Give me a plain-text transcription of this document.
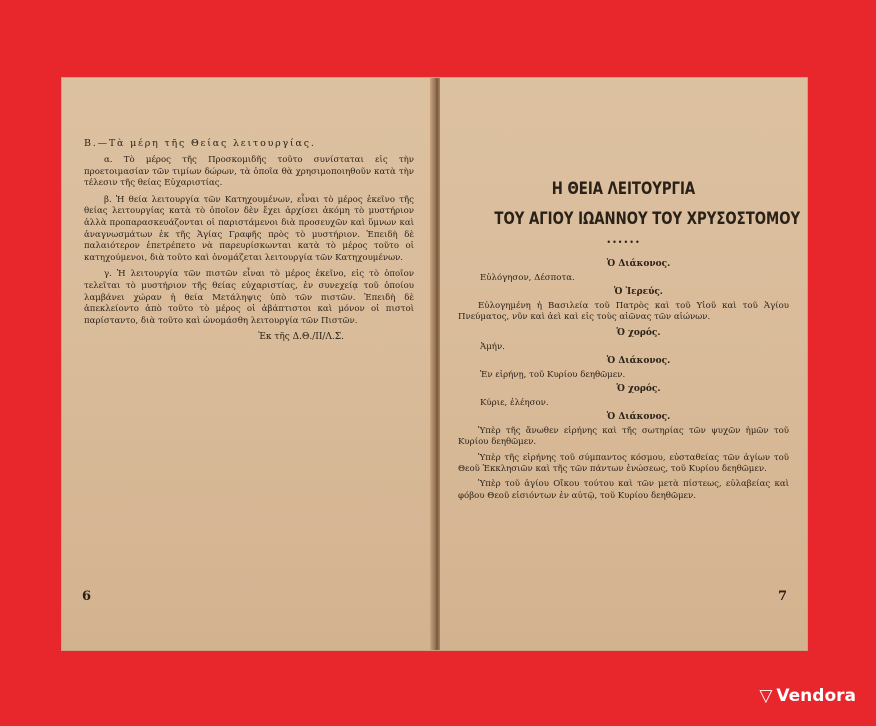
Β.—Τὰ μέρη τῆς Θείας λειτουργίας.

α. Τὸ μέρος τῆς Προσκομιδῆς τοῦτο συνίσταται εἰς τὴν προετοιμασίαν τῶν τιμίων δώρων, τὰ ὁποῖα θὰ χρησιμοποιηθοῦν κατὰ τὴν τέλεσιν τῆς θείας Εὐχαριστίας.

β. Ἡ θεία λειτουργία τῶν Κατηχουμένων, εἶναι τὸ μέρος ἐκεῖνο τῆς θείας λειτουργίας κατὰ τὸ ὁποῖον δὲν ἔχει ἀρχίσει ἀκόμη τὸ μυστήριον ἀλλὰ προπαρασκευάζονται οἱ παριστάμενοι διὰ προσευχῶν καὶ ὕμνων καὶ ἀναγνωσμάτων ἐκ τῆς Ἁγίας Γραφῆς πρὸς τὸ μυστήριον. Ἐπειδὴ δὲ παλαιότερον ἐπετρέπετο νὰ παρευρίσκωνται κατὰ τὸ μέρος τοῦτο οἱ κατηχούμενοι, διὰ τοῦτο καὶ ὀνομάζεται λειτουργία τῶν Κατηχουμένων.

γ. Ἡ λειτουργία τῶν πιστῶν εἶναι τὸ μέρος ἐκεῖνο, εἰς τὸ ὁποῖον τελεῖται τὸ μυστήριον τῆς θείας εὐχαριστίας, ἐν συνεχείᾳ τοῦ ὁποίου λαμβάνει χώραν ἡ θεία Μετάληψις ὑπὸ τῶν πιστῶν. Ἐπειδὴ δὲ ἀπεκλείοντο ἀπὸ τοῦτο τὸ μέρος οἱ ἀβάπτιστοι καὶ μόνον οἱ πιστοὶ παρίσταντο, διὰ τοῦτο καὶ ὠνομάσθη λειτουργία τῶν Πιστῶν.

Ἐκ τῆς Δ.Θ./ΙΙ/Λ.Σ.
6
Η ΘΕΙΑ ΛΕΙΤΟΥΡΓΙΑ
ΤΟΥ ΑΓΙΟΥ ΙΩΑΝΝΟΥ ΤΟΥ ΧΡΥΣΟΣΤΟΜΟΥ
••••••
Ὁ Διάκονος.
Εὐλόγησον, Δέσποτα.
Ὁ Ἱερεύς.

Εὐλογημένη ἡ Βασιλεία τοῦ Πατρὸς καὶ τοῦ Υἱοῦ καὶ τοῦ Ἁγίου Πνεύματος, νῦν καὶ ἀεὶ καὶ εἰς τοὺς αἰῶνας τῶν αἰώνων.

Ὁ χορός.
Ἀμήν.
Ὁ Διάκονος.
Ἐν εἰρήνῃ, τοῦ Κυρίου δεηθῶμεν.
Ὁ χορός.
Κύριε, ἐλέησον.
Ὁ Διάκονος.

Ὑπὲρ τῆς ἄνωθεν εἰρήνης καὶ τῆς σωτηρίας τῶν ψυχῶν ἡμῶν τοῦ Κυρίου δεηθῶμεν.

Ὑπὲρ τῆς εἰρήνης τοῦ σύμπαντος κόσμου, εὐσταθείας τῶν ἁγίων τοῦ Θεοῦ Ἐκκλησιῶν καὶ τῆς τῶν πάντων ἑνώσεως, τοῦ Κυρίου δεηθῶμεν.

Ὑπὲρ τοῦ ἁγίου Οἴκου τούτου καὶ τῶν μετὰ πίστεως, εὐλαβείας καὶ φόβου Θεοῦ εἰσιόντων ἐν αὐτῷ, τοῦ Κυρίου δεηθῶμεν.

7
▽ Vendora
